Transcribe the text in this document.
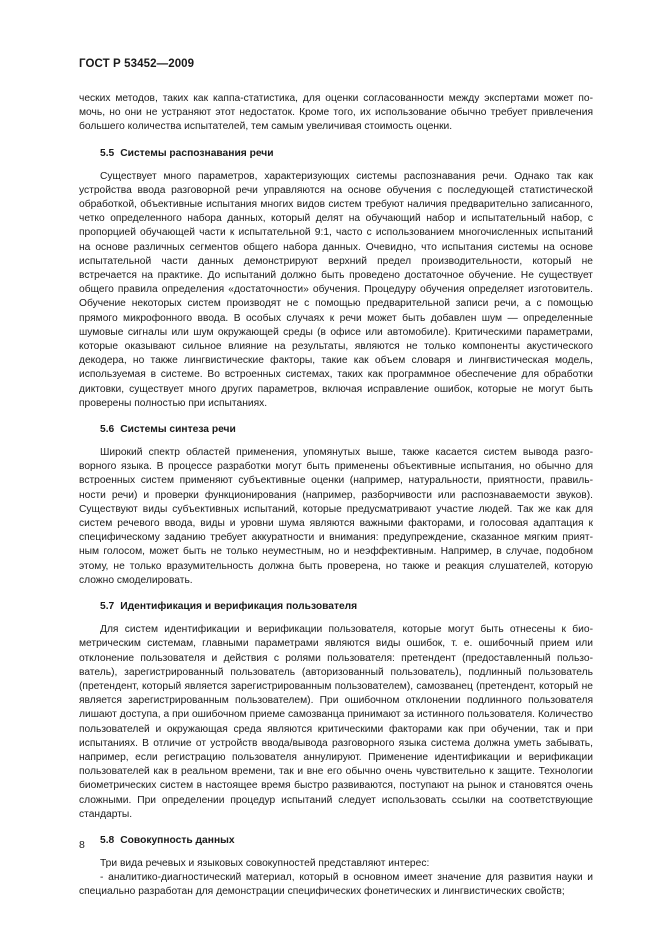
ГОСТ Р 53452—2009

ческих методов, таких как каппа-статистика, для оценки согласованности между экспертами может помочь, но они не устраняют этот недостаток. Кроме того, их использование обычно требует привлечения большего количества испытателей, тем самым увеличивая стоимость оценки.

5.5 Системы распознавания речи

Существует много параметров, характеризующих системы распознавания речи. Однако так как устройства ввода разговорной речи управляются на основе обучения с последующей статистической обработкой, объективные испытания многих видов систем требуют наличия предварительно записанного, четко определенного набора данных, который делят на обучающий набор и испытательный набор, с пропорцией обучающей части к испытательной 9:1, часто с использованием многочисленных испытаний на основе различных сегментов общего набора данных. Очевидно, что испытания системы на основе испытательной части данных демонстрируют верхний предел производительности, который не встречается на практике. До испытаний должно быть проведено достаточное обучение. Не существует общего правила определения «достаточности» обучения. Процедуру обучения определяет изготовитель. Обучение некоторых систем производят не с помощью предварительной записи речи, а с помощью прямого микрофонного ввода. В особых случаях к речи может быть добавлен шум — определенные шумовые сигналы или шум окружающей среды (в офисе или автомобиле). Критическими параметрами, которые оказывают сильное влияние на результаты, являются не только компоненты акустического декодера, но также лингвистические факторы, такие как объем словаря и лингвистическая модель, используемая в системе. Во встроенных системах, таких как программное обеспечение для обработки диктовки, существует много других параметров, включая исправление ошибок, которые не могут быть проверены полностью при испытаниях.

5.6 Системы синтеза речи

Широкий спектр областей применения, упомянутых выше, также касается систем вывода разговорного языка. В процессе разработки могут быть применены объективные испытания, но обычно для встроенных систем применяют субъективные оценки (например, натуральности, приятности, правильности речи) и проверки функционирования (например, разборчивости или распознаваемости звуков). Существуют виды субъективных испытаний, которые предусматривают участие людей. Так же как для систем речевого ввода, виды и уровни шума являются важными факторами, и голосовая адаптация к специфическому заданию требует аккуратности и внимания: предупреждение, сказанное мягким приятным голосом, может быть не только неуместным, но и неэффективным. Например, в случае, подобном этому, не только вразумительность должна быть проверена, но также и реакция слушателей, которую сложно смоделировать.

5.7 Идентификация и верификация пользователя

Для систем идентификации и верификации пользователя, которые могут быть отнесены к биометрическим системам, главными параметрами являются виды ошибок, т. е. ошибочный прием или отклонение пользователя и действия с ролями пользователя: претендент (предоставленный пользователь), зарегистрированный пользователь (авторизованный пользователь), подлинный пользователь (претендент, который является зарегистрированным пользователем), самозванец (претендент, который не является зарегистрированным пользователем). При ошибочном отклонении подлинного пользователя лишают доступа, а при ошибочном приеме самозванца принимают за истинного пользователя. Количество пользователей и окружающая среда являются критическими факторами как при обучении, так и при испытаниях. В отличие от устройств ввода/вывода разговорного языка система должна уметь забывать, например, если регистрацию пользователя аннулируют. Применение идентификации и верификации пользователей как в реальном времени, так и вне его обычно очень чувствительно к защите. Технологии биометрических систем в настоящее время быстро развиваются, поступают на рынок и становятся очень сложными. При определении процедур испытаний следует использовать ссылки на соответствующие стандарты.

5.8 Совокупность данных

Три вида речевых и языковых совокупностей представляют интерес:

- аналитико-диагностический материал, который в основном имеет значение для развития науки и специально разработан для демонстрации специфических фонетических и лингвистических свойств;

8
